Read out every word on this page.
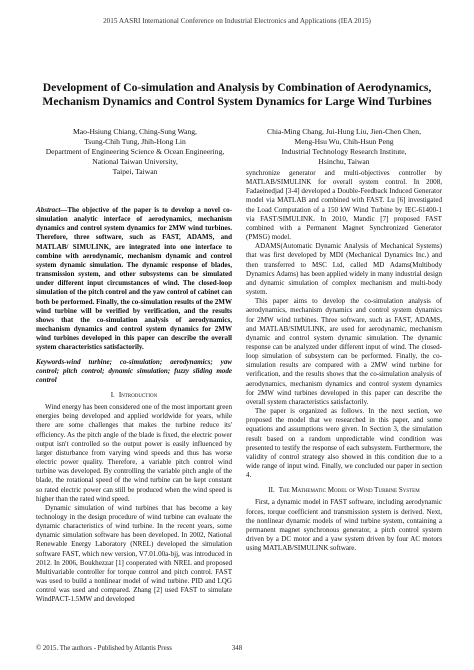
2015 AASRI International Conference on Industrial Electronics and Applications (IEA 2015)
Development of Co-simulation and Analysis by Combination of Aerodynamics, Mechanism Dynamics and Control System Dynamics for Large Wind Turbines
Mao-Hsiung Chiang, Ching-Sung Wang,
Tsung-Chih Tung, Jhih-Hong Lin
Department of Engineering Science & Ocean Engineering,
National Taiwan University,
Taipei, Taiwan
Chia-Ming Chang, Jui-Hung Liu, Jien-Chen Chen,
Meng-Hsu Wu, Chih-Hsun Peng
Industrial Technology Research Institute,
Hsinchu, Taiwan

Abstract—The objective of the paper is to develop a novel co-simulation analytic interface of aerodynamics, mechanism dynamics and control system dynamics for 2MW wind turbines. Therefore, three software, such as FAST, ADAMS, and MATLAB/ SIMULINK, are integrated into one interface to combine with aerodynamic, mechanism dynamic and control system dynamic simulation. The dynamic response of blades, transmission system, and other subsystems can be simulated under different input circumstances of wind. The closed-loop simulation of the pitch control and the yaw control of cabinet can both be performed. Finally, the co-simulation results of the 2MW wind turbine will be verified by verification, and the results shows that the co-simulation analysis of aerodynamics, mechanism dynamics and control system dynamics for 2MW wind turbines developed in this paper can describe the overall system characteristics satisfactorily.

Keywords-wind turbine; co-simulation; aerodynamics; yaw control; pitch control; dynamic simulation; fuzzy sliding mode control

I. Introduction

Wind energy has been considered one of the most important green energies being developed and applied worldwide for years, while there are some challenges that makes the turbine reduce its' efficiency. As the pitch angle of the blade is fixed, the electric power output isn't controlled so the output power is easily influenced by larger disturbance from varying wind speeds and thus has worse electric power quality. Therefore, a variable pitch control wind turbine was developed. By controlling the variable pitch angle of the blade, the rotational speed of the wind turbine can be kept constant so rated electric power can still be produced when the wind speed is higher than the rated wind speed.

Dynamic simulation of wind turbines that has become a key technology in the design procedure of wind turbine can evaluate the dynamic characteristics of wind turbine. In the recent years, some dynamic simulation software has been developed. In 2002, National Renewable Energy Laboratory (NREL) developed the simulation software FAST, which new version, V7.01.00a-bjj, was introduced in 2012. In 2006, Boukhezzar [1] cooperated with NREL and proposed Multivariable controller for torque control and pitch control. FAST was used to build a nonlinear model of wind turbine. PID and LQG control was used and compared. Zhang [2] used FAST to simulate WindPACT-1.5MW and developed

synchronize generator and multi-objectives controller by MATLAB/SIMULINK for overall system control. In 2008, Fadaeinedjad [3-4] developed a Double-Feedback Induced Generator model via MATLAB and combined with FAST. Lu [6] investigated the Load Computation of a 150 kW Wind Turbine by IEC-61400-1 via FAST/SIMULINK. In 2010, Mandic [7] proposed FAST combined with a Permanent Magnet Synchronized Generator (PMSG) model.

ADAMS(Automatic Dynamic Analysis of Mechanical Systems) that was first developed by MDI (Mechanical Dynamics Inc.) and then transferred to MSC Ltd, called MD Adams(Multibody Dynamics Adams) has been applied widely in many industrial design and dynamic simulation of complex mechanism and multi-body system.

This paper aims to develop the co-simulation analysis of aerodynamics, mechanism dynamics and control system dynamics for 2MW wind turbines. Three software, such as FAST, ADAMS, and MATLAB/SIMULINK, are used for aerodynamic, mechanism dynamic and control system dynamic simulation. The dynamic response can be analyzed under different input of wind. The closed-loop simulation of subsystem can be performed. Finally, the co-simulation results are compared with a 2MW wind turbine for verification, and the results shows that the co-simulation analysis of aerodynamics, mechanism dynamics and control system dynamics for 2MW wind turbines developed in this paper can describe the overall system characteristics satisfactorily.

The paper is organized as follows. In the next section, we proposed the model that we researched in this paper, and some equations and assumptions were given. In Section 3, the simulation result based on a random unpredictable wind condition was presented to testify the response of each subsystem. Furthermore, the validity of control strategy also showed in this condition due to a wide range of input wind. Finally, we concluded our paper in section 4.

II. The Mathematic Model of Wind Turbine System

First, a dynamic model in FAST software, including aerodynamic forces, torque coefficient and transmission system is derived. Next, the nonlinear dynamic models of wind turbine system, containing a permanent magnet synchronous generator, a pitch control system driven by a DC motor and a yaw system driven by four AC motors using MATLAB/SIMULINK software.

© 2015. The authors - Published by Atlantis Press	348
